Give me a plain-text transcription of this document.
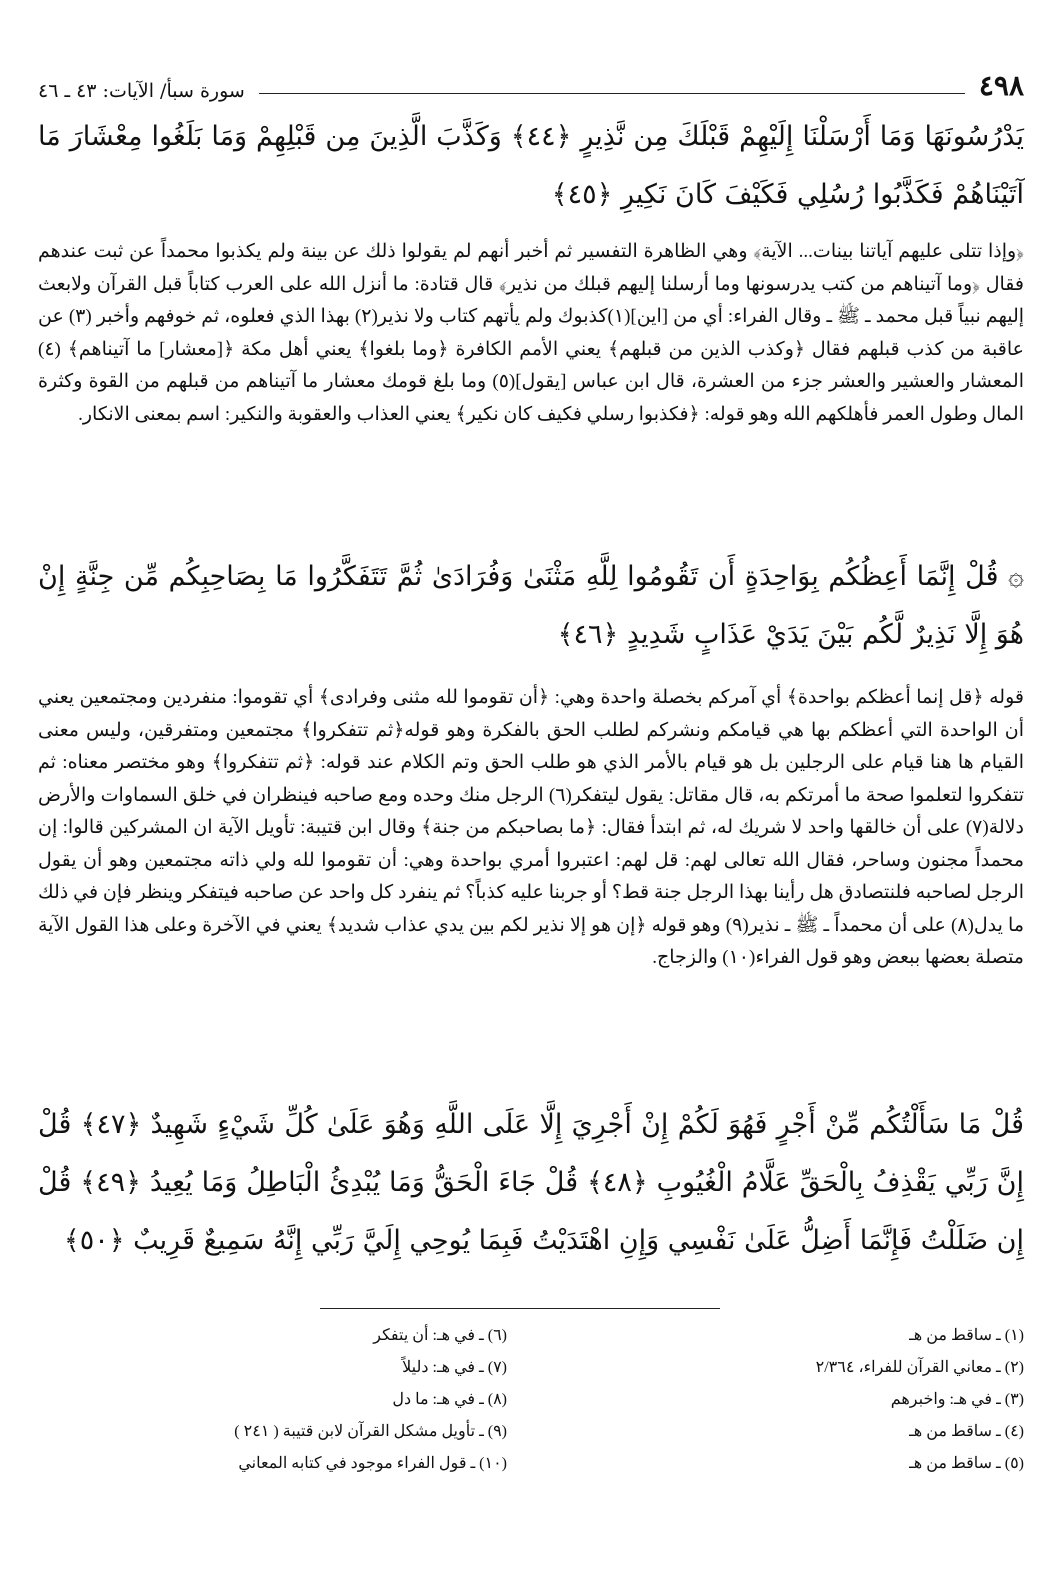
٤٩٨
سورة سبأ/ الآيات: ٤٣ ـ ٤٦
يَدْرُسُونَهَا وَمَا أَرْسَلْنَا إِلَيْهِمْ قَبْلَكَ مِن نَّذِيرٍ ﴿٤٤﴾ وَكَذَّبَ الَّذِينَ مِن قَبْلِهِمْ وَمَا بَلَغُوا مِعْشَارَ مَا آتَيْنَاهُمْ فَكَذَّبُوا رُسُلِي فَكَيْفَ كَانَ نَكِيرِ ﴿٤٥﴾
﴿وإذا تتلى عليهم آياتنا بينات... الآية﴾ وهي الظاهرة التفسير ثم أخبر أنهم لم يقولوا ذلك عن بينة ولم يكذبوا محمداً عن ثبت عندهم فقال ﴿وما آتيناهم من كتب يدرسونها وما أرسلنا إليهم قبلك من نذير﴾ قال قتادة: ما أنزل الله على العرب كتاباً قبل القرآن ولابعث إليهم نبياً قبل محمد ـ ﷺ ـ وقال الفراء: أي من [اين](١)كذبوك ولم يأتهم كتاب ولا نذير(٢) بهذا الذي فعلوه، ثم خوفهم وأخبر (٣) عن عاقبة من كذب قبلهم فقال ﴿وكذب الذين من قبلهم﴾ يعني الأمم الكافرة ﴿وما بلغوا﴾ يعني أهل مكة ﴿[معشار] ما آتيناهم﴾ (٤) المعشار والعشير والعشر جزء من العشرة، قال ابن عباس [يقول](٥) وما بلغ قومك معشار ما آتيناهم من قبلهم من القوة وكثرة المال وطول العمر فأهلكهم الله وهو قوله: ﴿فكذبوا رسلي فكيف كان نكير﴾ يعني العذاب والعقوبة والنكير: اسم بمعنى الانكار.
۞ قُلْ إِنَّمَا أَعِظُكُم بِوَاحِدَةٍ أَن تَقُومُوا لِلَّهِ مَثْنَىٰ وَفُرَادَىٰ ثُمَّ تَتَفَكَّرُوا مَا بِصَاحِبِكُم مِّن جِنَّةٍ إِنْ هُوَ إِلَّا نَذِيرٌ لَّكُم بَيْنَ يَدَيْ عَذَابٍ شَدِيدٍ ﴿٤٦﴾
قوله ﴿قل إنما أعظكم بواحدة﴾ أي آمركم بخصلة واحدة وهي: ﴿أن تقوموا لله مثنى وفرادى﴾ أي تقوموا: منفردين ومجتمعين يعني أن الواحدة التي أعظكم بها هي قيامكم ونشركم لطلب الحق بالفكرة وهو قوله﴿ثم تتفكروا﴾ مجتمعين ومتفرقين، وليس معنى القيام ها هنا قيام على الرجلين بل هو قيام بالأمر الذي هو طلب الحق وتم الكلام عند قوله: ﴿ثم تتفكروا﴾ وهو مختصر معناه: ثم تتفكروا لتعلموا صحة ما أمرتكم به، قال مقاتل: يقول ليتفكر(٦) الرجل منك وحده ومع صاحبه فينظران في خلق السماوات والأرض دلالة(٧) على أن خالقها واحد لا شريك له، ثم ابتدأ فقال: ﴿ما بصاحبكم من جنة﴾ وقال ابن قتيبة: تأويل الآية ان المشركين قالوا: إن محمداً مجنون وساحر، فقال الله تعالى لهم: قل لهم: اعتبروا أمري بواحدة وهي: أن تقوموا لله ولي ذاته مجتمعين وهو أن يقول الرجل لصاحبه فلنتصادق هل رأينا بهذا الرجل جنة قط؟ أو جربنا عليه كذباً؟ ثم ينفرد كل واحد عن صاحبه فيتفكر وينظر فإن في ذلك ما يدل(٨) على أن محمداً ـ ﷺ ـ نذير(٩) وهو قوله ﴿إن هو إلا نذير لكم بين يدي عذاب شديد﴾ يعني في الآخرة وعلى هذا القول الآية متصلة بعضها ببعض وهو قول الفراء(١٠) والزجاج.
قُلْ مَا سَأَلْتُكُم مِّنْ أَجْرٍ فَهُوَ لَكُمْ إِنْ أَجْرِيَ إِلَّا عَلَى اللَّهِ وَهُوَ عَلَىٰ كُلِّ شَيْءٍ شَهِيدٌ ﴿٤٧﴾ قُلْ إِنَّ رَبِّي يَقْذِفُ بِالْحَقِّ عَلَّامُ الْغُيُوبِ ﴿٤٨﴾ قُلْ جَاءَ الْحَقُّ وَمَا يُبْدِئُ الْبَاطِلُ وَمَا يُعِيدُ ﴿٤٩﴾ قُلْ إِن ضَلَلْتُ فَإِنَّمَا أَضِلُّ عَلَىٰ نَفْسِي وَإِنِ اهْتَدَيْتُ فَبِمَا يُوحِي إِلَيَّ رَبِّي إِنَّهُ سَمِيعٌ قَرِيبٌ ﴿٥٠﴾
(١) ـ ساقط من هـ
(٢) ـ معاني القرآن للفراء، ٢/٣٦٤
(٣) ـ في هـ: واخبرهم
(٤) ـ ساقط من هـ
(٥) ـ ساقط من هـ
(٦) ـ في هـ: أن يتفكر
(٧) ـ في هـ: دليلاً
(٨) ـ في هـ: ما دل
(٩) ـ تأويل مشكل القرآن لابن قتيبة ( ٢٤١ )
(١٠) ـ قول الفراء موجود في كتابه المعاني
